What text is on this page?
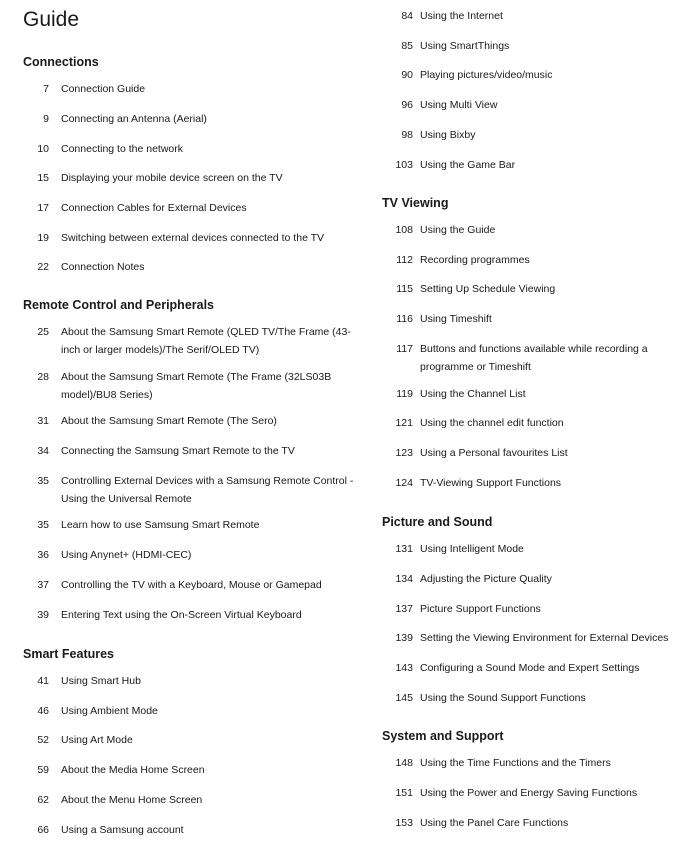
Guide
Connections
7 Connection Guide
9 Connecting an Antenna (Aerial)
10 Connecting to the network
15 Displaying your mobile device screen on the TV
17 Connection Cables for External Devices
19 Switching between external devices connected to the TV
22 Connection Notes
Remote Control and Peripherals
25 About the Samsung Smart Remote (QLED TV/The Frame (43-inch or larger models)/The Serif/OLED TV)
28 About the Samsung Smart Remote (The Frame (32LS03B model)/BU8 Series)
31 About the Samsung Smart Remote (The Sero)
34 Connecting the Samsung Smart Remote to the TV
35 Controlling External Devices with a Samsung Remote Control - Using the Universal Remote
35 Learn how to use Samsung Smart Remote
36 Using Anynet+ (HDMI-CEC)
37 Controlling the TV with a Keyboard, Mouse or Gamepad
39 Entering Text using the On-Screen Virtual Keyboard
Smart Features
41 Using Smart Hub
46 Using Ambient Mode
52 Using Art Mode
59 About the Media Home Screen
62 About the Menu Home Screen
66 Using a Samsung account
84 Using the Internet
85 Using SmartThings
90 Playing pictures/video/music
96 Using Multi View
98 Using Bixby
103 Using the Game Bar
TV Viewing
108 Using the Guide
112 Recording programmes
115 Setting Up Schedule Viewing
116 Using Timeshift
117 Buttons and functions available while recording a programme or Timeshift
119 Using the Channel List
121 Using the channel edit function
123 Using a Personal favourites List
124 TV-Viewing Support Functions
Picture and Sound
131 Using Intelligent Mode
134 Adjusting the Picture Quality
137 Picture Support Functions
139 Setting the Viewing Environment for External Devices
143 Configuring a Sound Mode and Expert Settings
145 Using the Sound Support Functions
System and Support
148 Using the Time Functions and the Timers
151 Using the Power and Energy Saving Functions
153 Using the Panel Care Functions
